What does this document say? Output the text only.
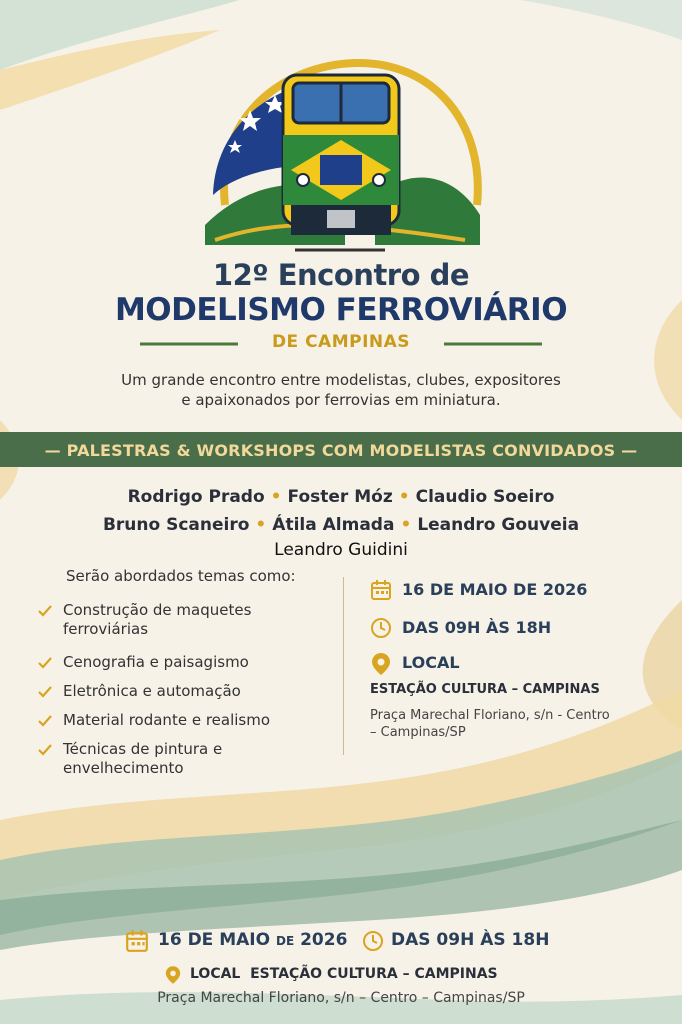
12º Encontro de
MODELISMO FERROVIÁRIO
DE CAMPINAS
Um grande encontro entre modelistas, clubes, expositores
e apaixonados por ferrovias em miniatura.
— PALESTRAS & WORKSHOPS COM MODELISTAS CONVIDADOS —
Rodrigo Prado • Foster Móz • Claudio Soeiro
Bruno Scaneiro • Átila Almada • Leandro Gouveia
Leandro Guidini
Serão abordados temas como:
Construção de maquetes ferroviárias
Cenografia e paisagismo
Eletrônica e automação
Material rodante e realismo
Técnicas de pintura e envelhecimento
16 DE MAIO DE 2026
DAS 09H ÀS 18H
LOCAL
ESTAÇÃO CULTURA – CAMPINAS
Praça Marechal Floriano, s/n - Centro
– Campinas/SP
16 DE MAIO DE 2026	DAS 09H ÀS 18H
LOCAL ESTAÇÃO CULTURA – CAMPINAS
Praça Marechal Floriano, s/n – Centro – Campinas/SP
